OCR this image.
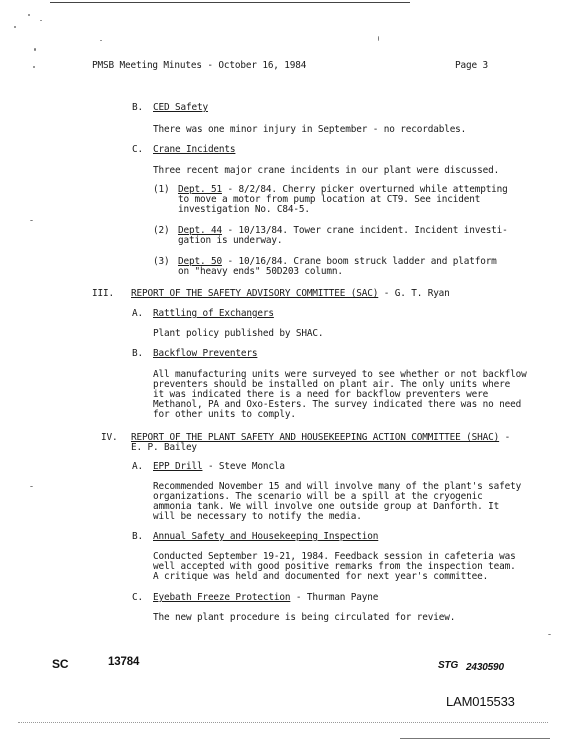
PMSB Meeting Minutes - October 16, 1984	Page 3
B. CED Safety
There was one minor injury in September - no recordables.
C. Crane Incidents
Three recent major crane incidents in our plant were discussed.
(1) Dept. 51 - 8/2/84. Cherry picker overturned while attempting
to move a motor from pump location at CT9. See incident
investigation No. C84-5.
(2) Dept. 44 - 10/13/84. Tower crane incident. Incident investi-
gation is underway.
(3) Dept. 50 - 10/16/84. Crane boom struck ladder and platform
on "heavy ends" 50D203 column.
III. REPORT OF THE SAFETY ADVISORY COMMITTEE (SAC) - G. T. Ryan
A. Rattling of Exchangers
Plant policy published by SHAC.
B. Backflow Preventers
All manufacturing units were surveyed to see whether or not backflow
preventers should be installed on plant air. The only units where
it was indicated there is a need for backflow preventers were
Methanol, PA and Oxo-Esters. The survey indicated there was no need
for other units to comply.
IV. REPORT OF THE PLANT SAFETY AND HOUSEKEEPING ACTION COMMITTEE (SHAC) -
E. P. Bailey
A. EPP Drill - Steve Moncla
Recommended November 15 and will involve many of the plant's safety
organizations. The scenario will be a spill at the cryogenic
ammonia tank. We will involve one outside group at Danforth. It
will be necessary to notify the media.
B. Annual Safety and Housekeeping Inspection
Conducted September 19-21, 1984. Feedback session in cafeteria was
well accepted with good positive remarks from the inspection team.
A critique was held and documented for next year's committee.
C. Eyebath Freeze Protection - Thurman Payne
The new plant procedure is being circulated for review.
SC	13784	STG 2430590
LAM015533
